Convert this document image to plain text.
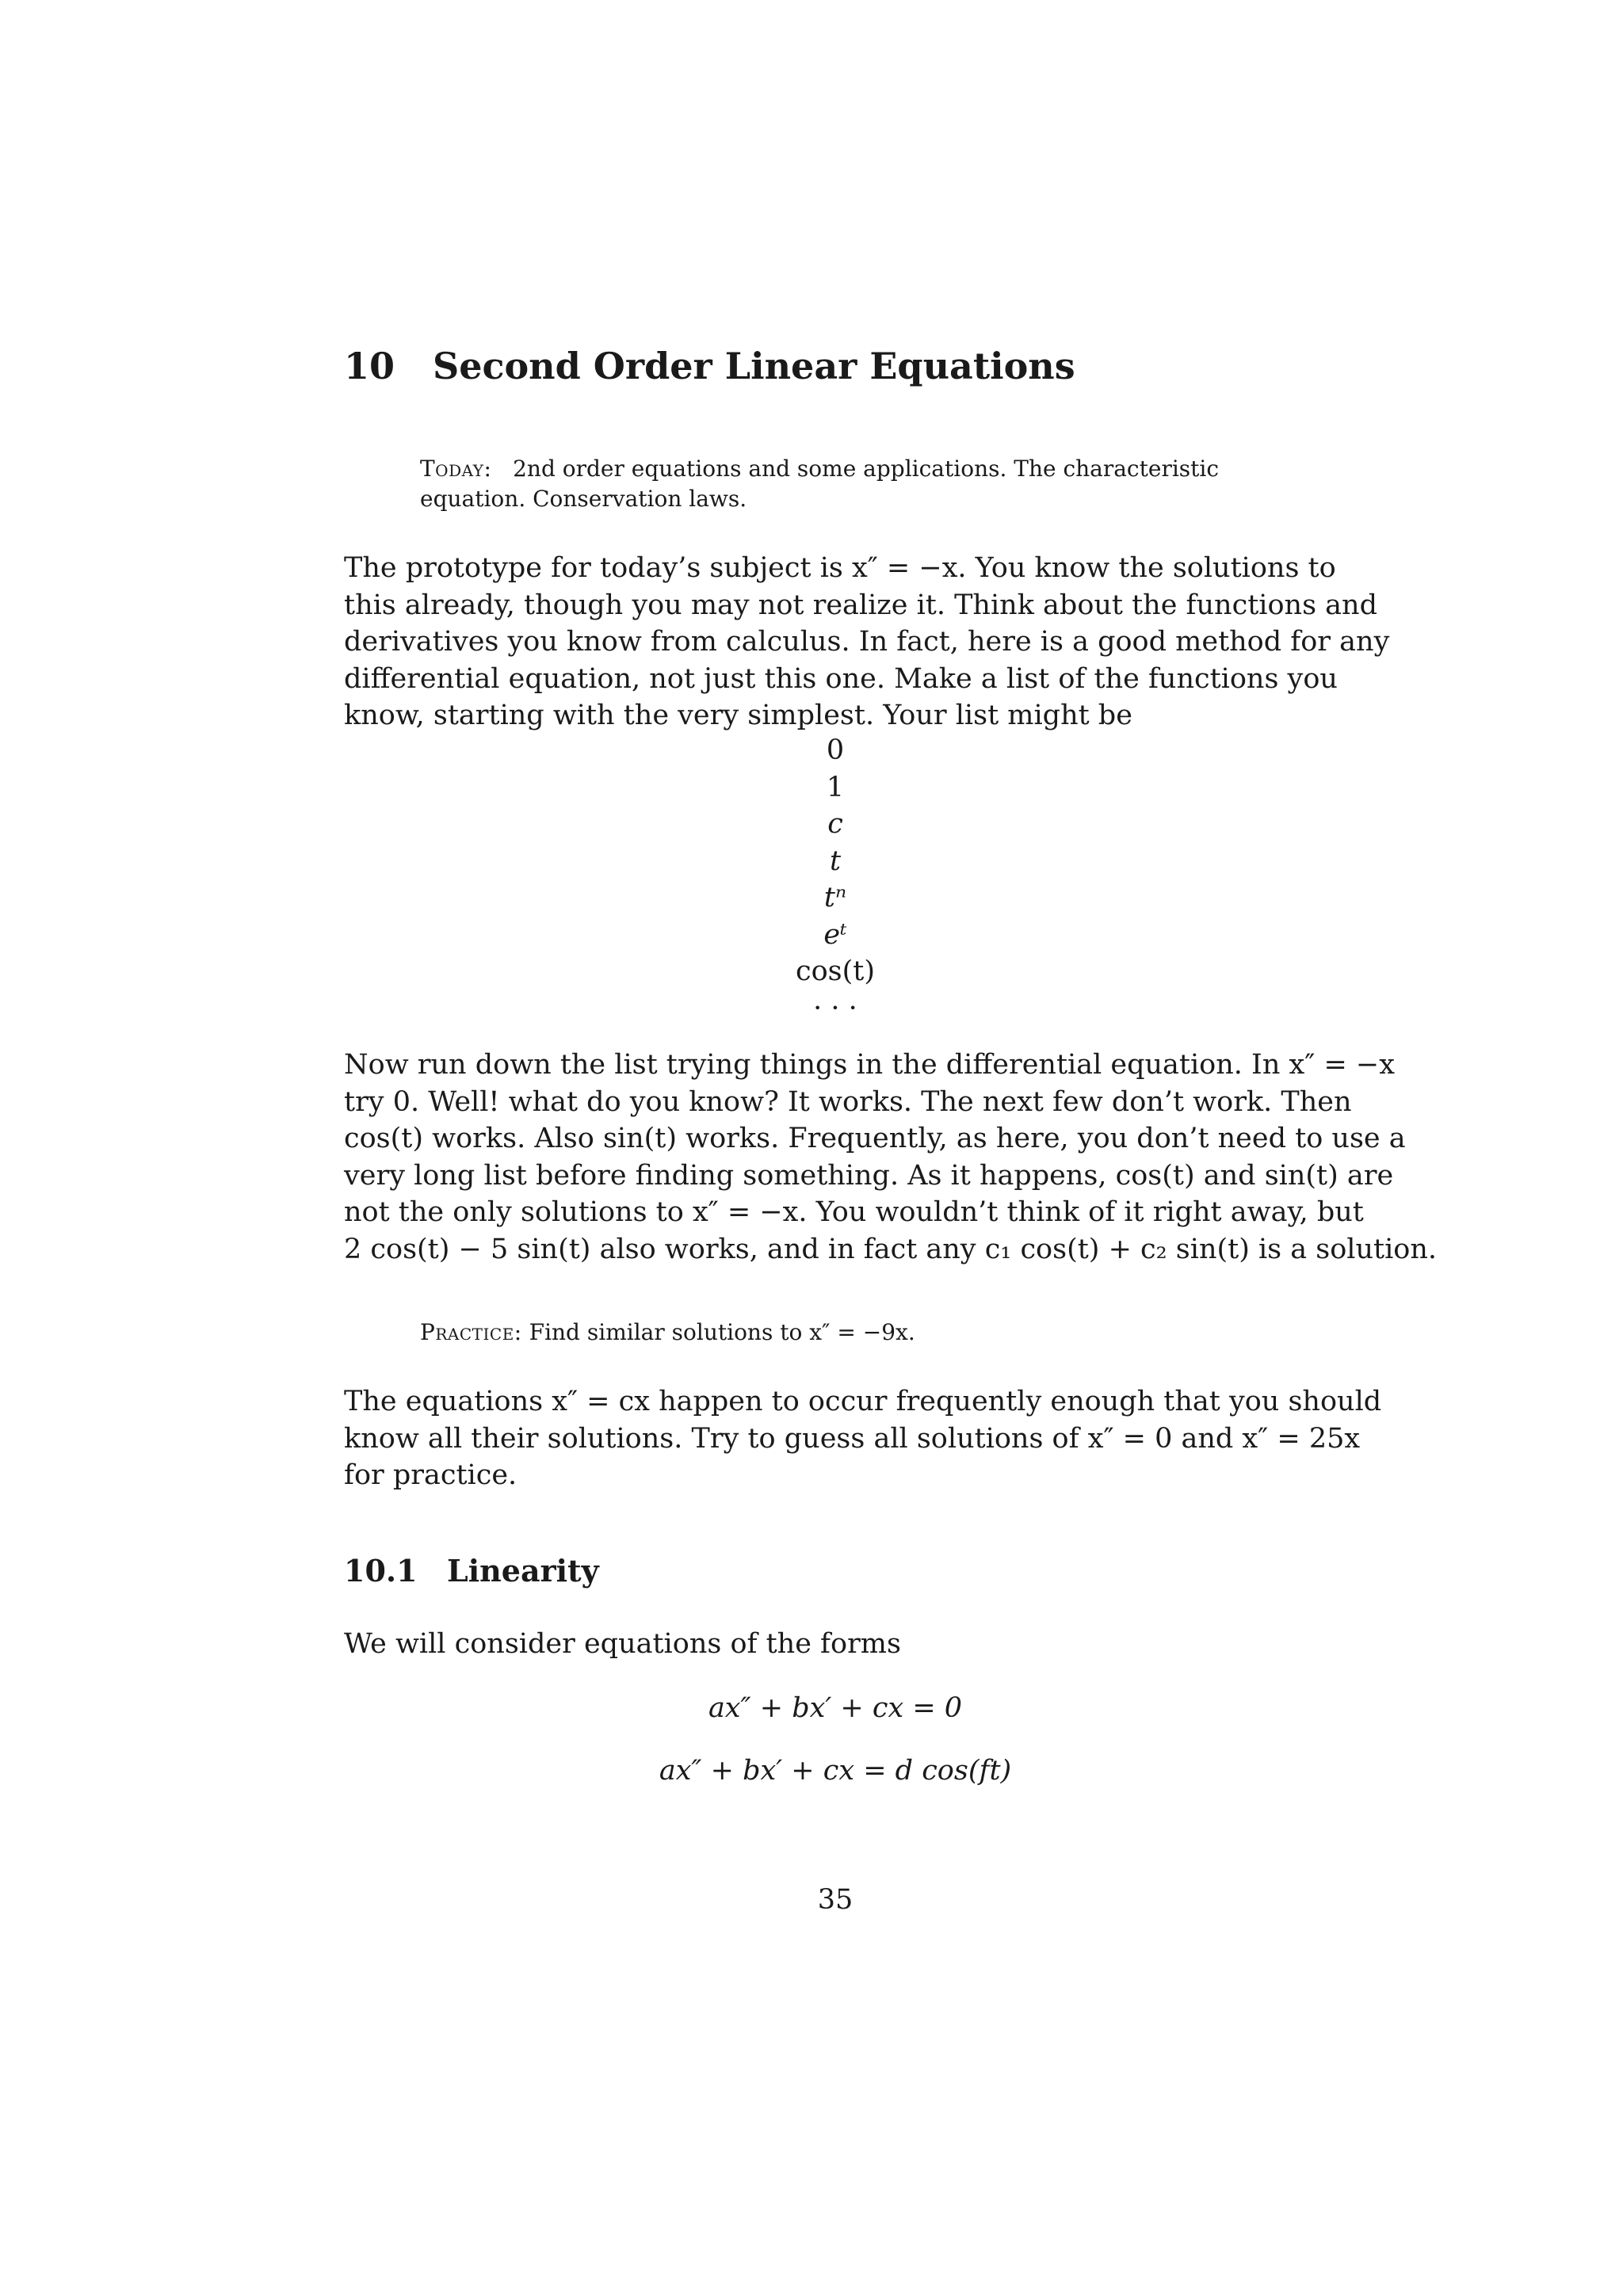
10 Second Order Linear Equations
Today: 2nd order equations and some applications. The characteristic
equation. Conservation laws.
The prototype for today’s subject is x″ = −x. You know the solutions to
this already, though you may not realize it. Think about the functions and
derivatives you know from calculus. In fact, here is a good method for any
differential equation, not just this one. Make a list of the functions you
know, starting with the very simplest. Your list might be
0
1
c
t
tⁿ
eᵗ
cos(t)
· · ·
Now run down the list trying things in the differential equation. In x″ = −x
try 0. Well! what do you know? It works. The next few don’t work. Then
cos(t) works. Also sin(t) works. Frequently, as here, you don’t need to use a
very long list before finding something. As it happens, cos(t) and sin(t) are
not the only solutions to x″ = −x. You wouldn’t think of it right away, but
2 cos(t) − 5 sin(t) also works, and in fact any c₁ cos(t) + c₂ sin(t) is a solution.
Practice: Find similar solutions to x″ = −9x.
The equations x″ = cx happen to occur frequently enough that you should
know all their solutions. Try to guess all solutions of x″ = 0 and x″ = 25x
for practice.
10.1 Linearity
We will consider equations of the forms
ax″ + bx′ + cx = 0
ax″ + bx′ + cx = d cos(ft)
35
